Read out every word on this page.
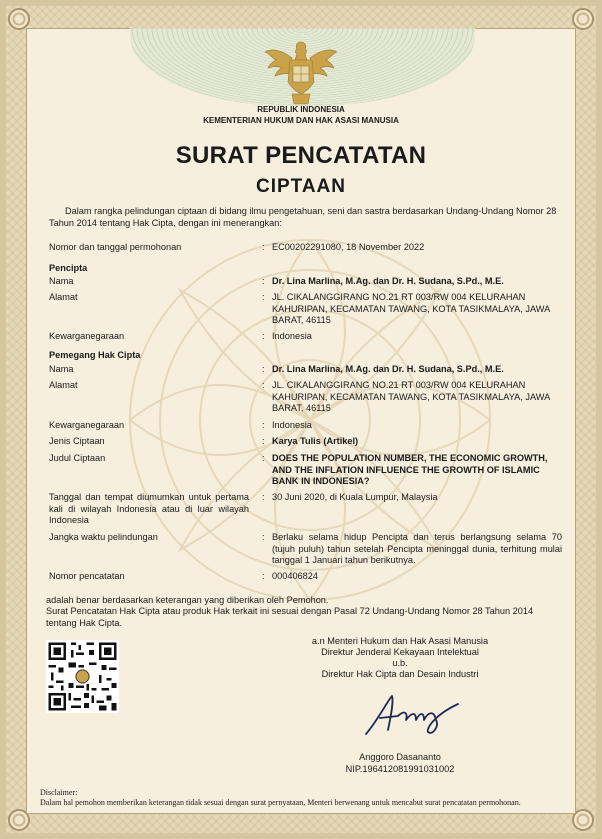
REPUBLIK INDONESIA
KEMENTERIAN HUKUM DAN HAK ASASI MANUSIA
SURAT PENCATATAN
CIPTAAN
Dalam rangka pelindungan ciptaan di bidang ilmu pengetahuan, seni dan sastra berdasarkan Undang-Undang Nomor 28 Tahun 2014 tentang Hak Cipta, dengan ini menerangkan:
Nomor dan tanggal permohonan	: EC00202291080, 18 November 2022
Pencipta
Nama	: Dr. Lina Marlina, M.Ag. dan Dr. H. Sudana, S.Pd., M.E.
Alamat	: JL. CIKALANGGIRANG NO.21 RT 003/RW 004 KELURAHAN KAHURIPAN, KECAMATAN TAWANG, KOTA TASIKMALAYA, JAWA BARAT, 46115
Kewarganegaraan	: Indonesia
Pemegang Hak Cipta
Nama	: Dr. Lina Marlina, M.Ag. dan Dr. H. Sudana, S.Pd., M.E.
Alamat	: JL. CIKALANGGIRANG NO.21 RT 003/RW 004 KELURAHAN KAHURIPAN, KECAMATAN TAWANG, KOTA TASIKMALAYA, JAWA BARAT, 46115
Kewarganegaraan	: Indonesia
Jenis Ciptaan	: Karya Tulis (Artikel)
Judul Ciptaan	: DOES THE POPULATION NUMBER, THE ECONOMIC GROWTH, AND THE INFLATION INFLUENCE THE GROWTH OF ISLAMIC BANK IN INDONESIA?
Tanggal dan tempat diumumkan untuk pertama kali di wilayah Indonesia atau di luar wilayah Indonesia
: 30 Juni 2020, di Kuala Lumpur, Malaysia
Jangka waktu pelindungan	: Berlaku selama hidup Pencipta dan terus berlangsung selama 70 (tujuh puluh) tahun setelah Pencipta meninggal dunia, terhitung mulai tanggal 1 Januari tahun berikutnya.
Nomor pencatatan	: 000406824
adalah benar berdasarkan keterangan yang diberikan oleh Pemohon.
Surat Pencatatan Hak Cipta atau produk Hak terkait ini sesuai dengan Pasal 72 Undang-Undang Nomor 28 Tahun 2014 tentang Hak Cipta.
a.n Menteri Hukum dan Hak Asasi Manusia
Direktur Jenderal Kekayaan Intelektual
u.b.
Direktur Hak Cipta dan Desain Industri
Anggoro Dasananto
NIP.196412081991031002
Disclaimer:
Dalam hal pemohon memberikan keterangan tidak sesuai dengan surat pernyataan, Menteri berwenang untuk mencabut surat pencatatan permohonan.
